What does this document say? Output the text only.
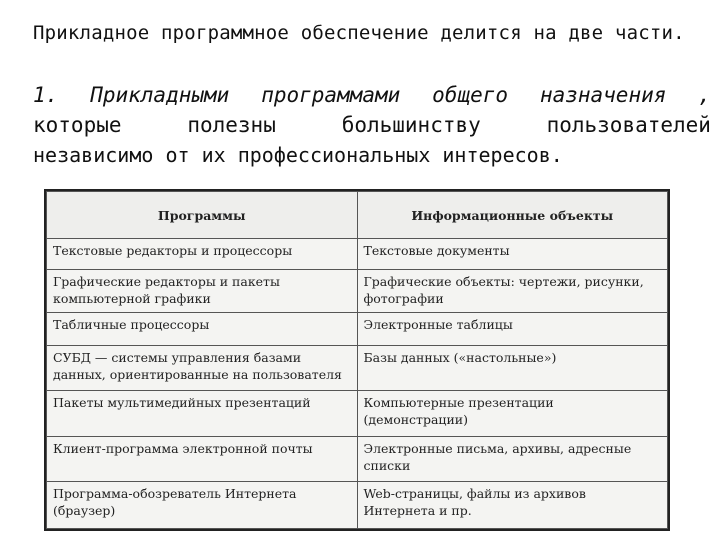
Прикладное программное обеспечение делится на две части.
1. Прикладными программами общего назначения ,
которые	полезны	большинству	пользователей
независимо от их профессиональных интересов.
Программы	Информационные объекты
Текстовые редакторы и процессоры	Текстовые документы
Графические редакторы и пакеты компьютерной графики	Графические объекты: чертежи, рисунки, фотографии
Табличные процессоры	Электронные таблицы
СУБД — системы управления базами данных, ориентированные на пользователя	Базы данных («настольные»)
Пакеты мультимедийных презентаций	Компьютерные презентации (демонстрации)
Клиент-программа электронной почты	Электронные письма, архивы, адресные списки
Программа-обозреватель Интернета (браузер)	Web-страницы, файлы из архивов Интернета и пр.
